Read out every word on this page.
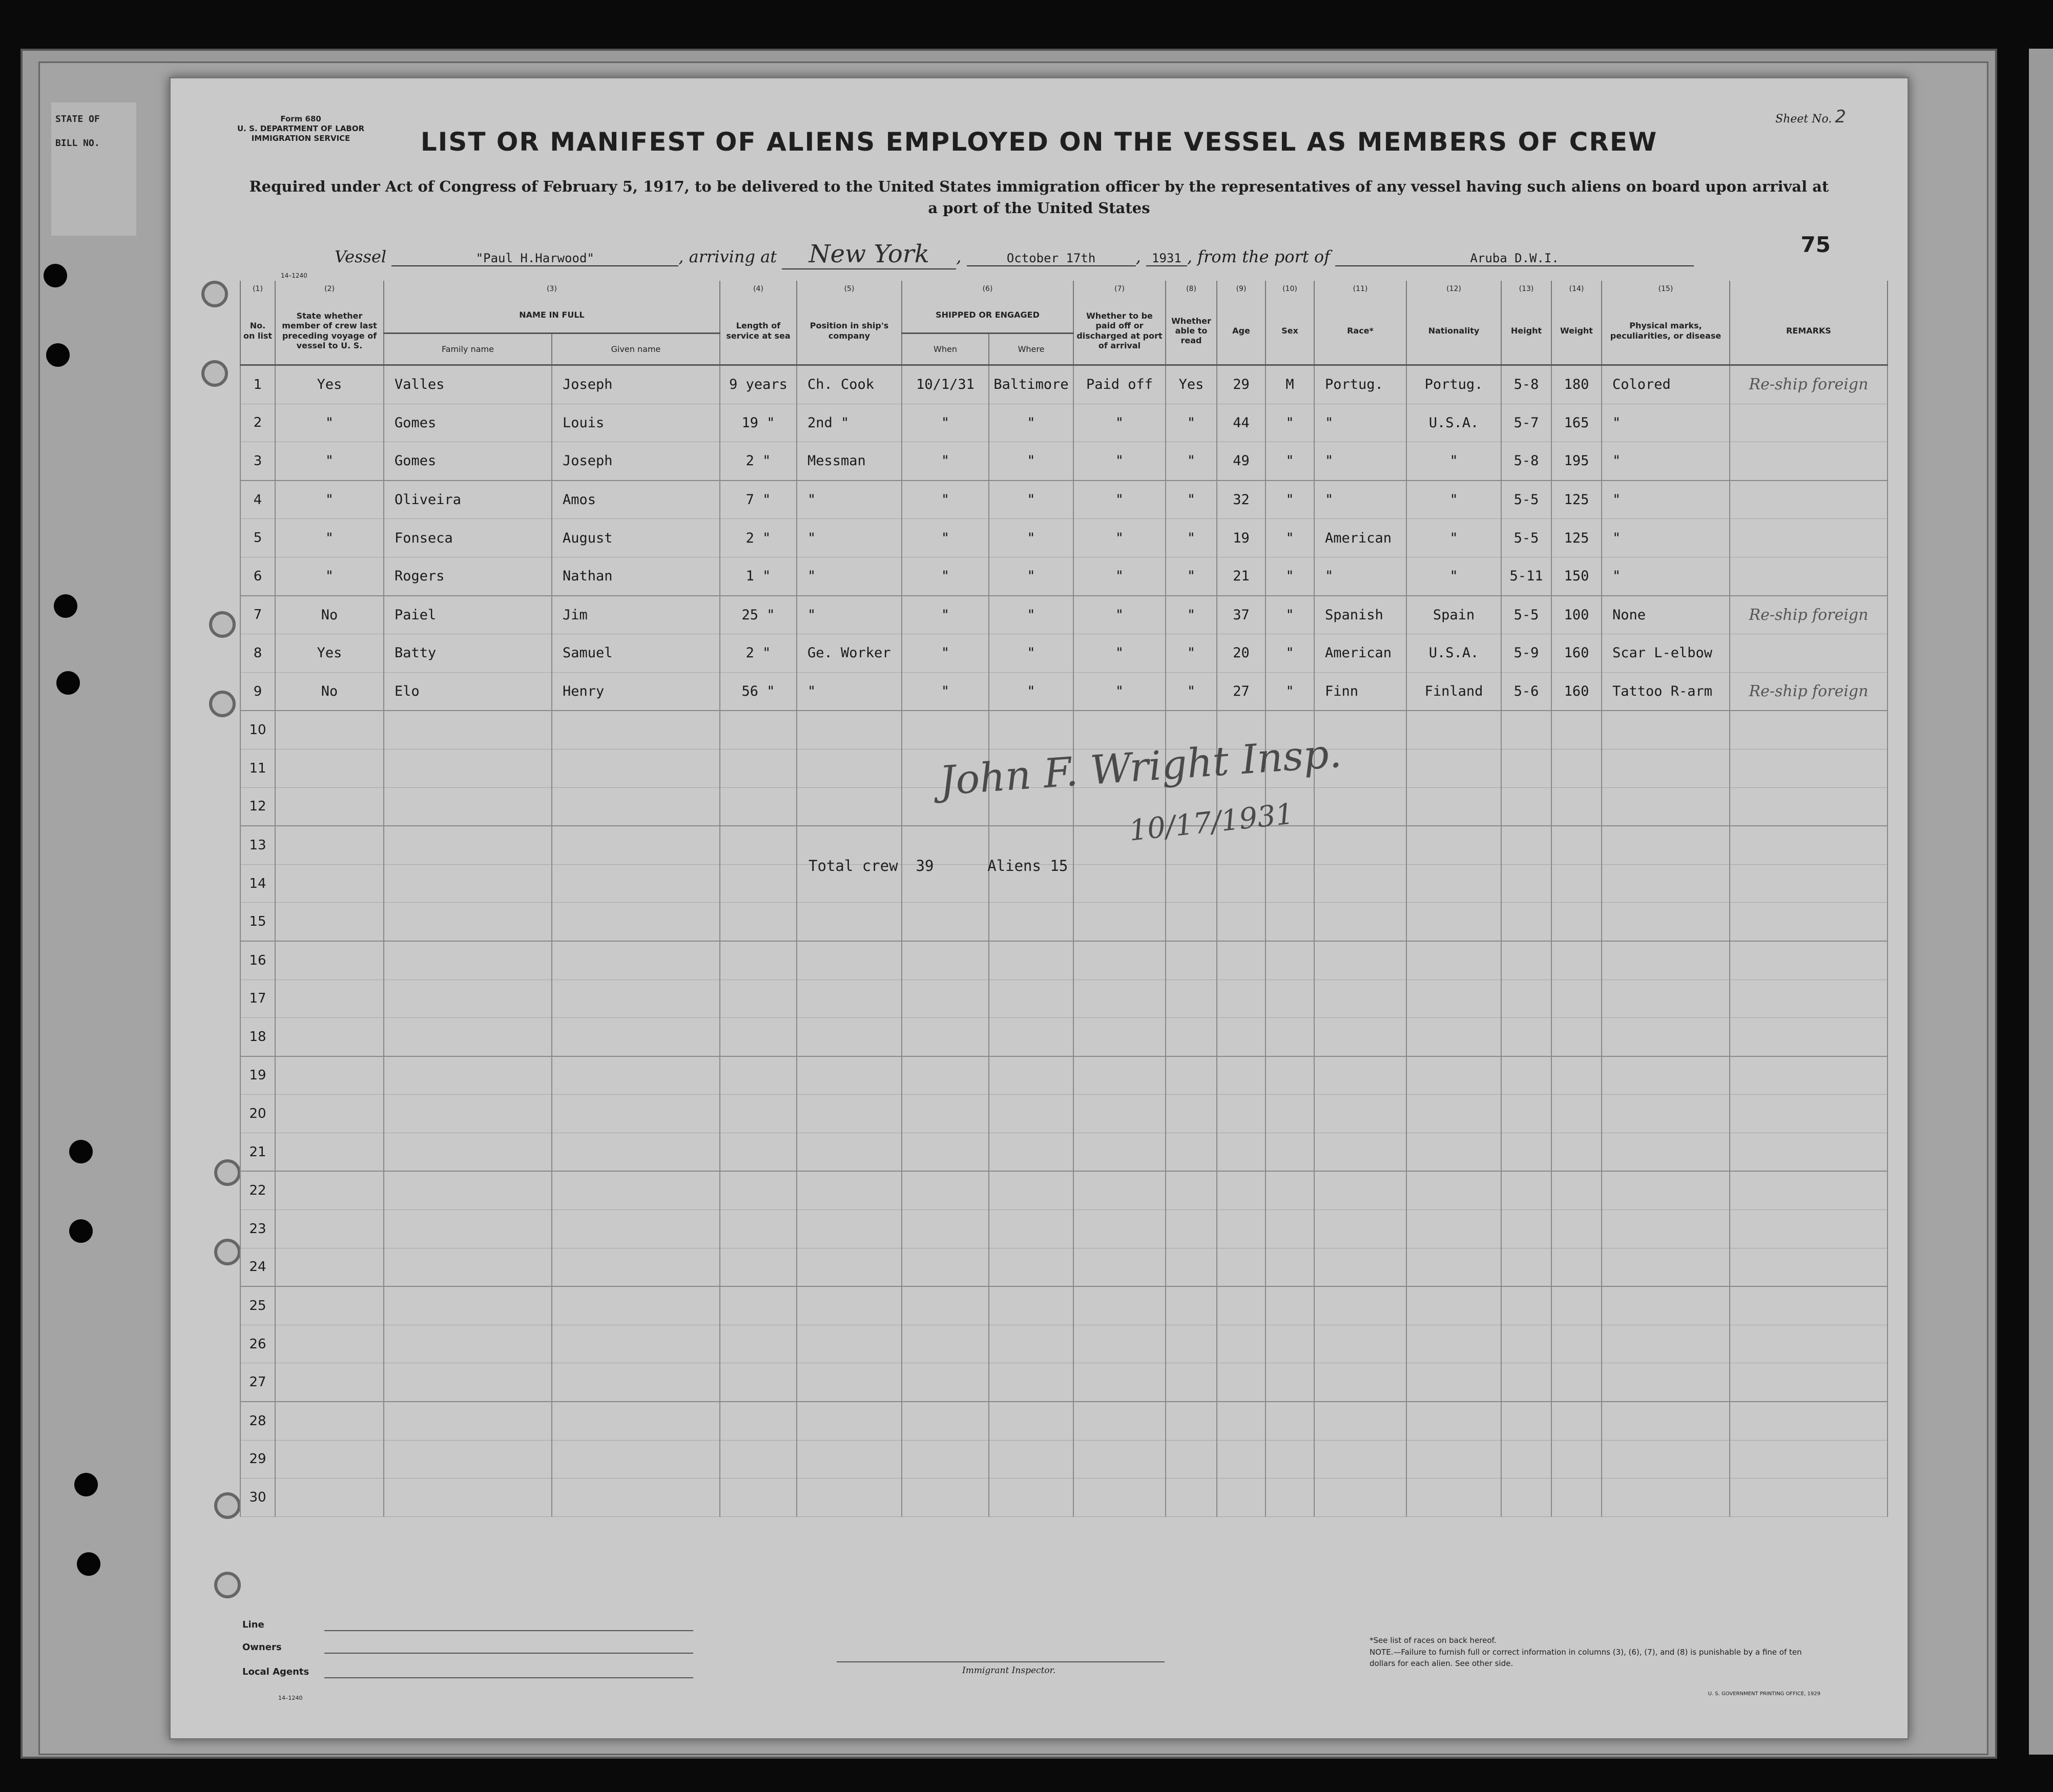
STATE OF
BILL NO.
Form 680
U. S. DEPARTMENT OF LABOR
IMMIGRATION SERVICE
Sheet No. 2
LIST OR MANIFEST OF ALIENS EMPLOYED ON THE VESSEL AS MEMBERS OF CREW
Required under Act of Congress of February 5, 1917, to be delivered to the United States immigration officer by the representatives of any vessel having such aliens on board upon arrival at a port of the United States
Vessel	"Paul H.Harwood"	, arriving at New York ,	October 17th , 1931 , from the port of	Aruba D.W.I.
75
14–1240
(1)	(2)	(3)		(4)	(5)	(6)		(7)	(8)	(9)	(10)	(11)	(12)	(13)	(14)	(15)	
No. on list	State whether member of crew last preceding voyage of vessel to U. S.	NAME IN FULL		Length of service at sea	Position in ship's company	SHIPPED OR ENGAGED		Whether to be paid off or discharged at port of arrival	Whether able to read	Age	Sex	Race*	Nationality	Height	Weight	Physical marks, peculiarities, or disease	REMARKS
		Family name	Given name			When	Where										
1	Yes	Valles	Joseph	9 years	Ch. Cook	10/1/31	Baltimore	Paid off	Yes	29	M	Portug.	Portug.	5-8	180	Colored	Re-ship foreign
2	"	Gomes	Louis	19 "	2nd "	"	"	"	"	44	"	"	U.S.A.	5-7	165	"	
3	"	Gomes	Joseph	2 "	Messman	"	"	"	"	49	"	"	"	5-8	195	"	
4	"	Oliveira	Amos	7 "	"	"	"	"	"	32	"	"	"	5-5	125	"	
5	"	Fonseca	August	2 "	"	"	"	"	"	19	"	American	"	5-5	125	"	
6	"	Rogers	Nathan	1 "	"	"	"	"	"	21	"	"	"	5-11	150	"	
7	No	Paiel	Jim	25 "	"	"	"	"	"	37	"	Spanish	Spain	5-5	100	None	Re-ship foreign
8	Yes	Batty	Samuel	2 "	Ge. Worker	"	"	"	"	20	"	American	U.S.A.	5-9	160	Scar L-elbow	
9	No	Elo	Henry	56 "	"	"	"	"	"	27	"	Finn	Finland	5-6	160	Tattoo R-arm	Re-ship foreign
10																	
11																	
12																	
13																	
14																	
15																	
16																	
17																	
18																	
19																	
20																	
21																	
22																	
23																	
24																	
25																	
26																	
27																	
28																	
29																	
30																	
Total crew  39      Aliens 15
John F. Wright Insp.
10/17/1931
Line
Owners
Local Agents
14–1240
Immigrant Inspector.
*See list of races on back hereof.
NOTE.—Failure to furnish full or correct information in columns (3), (6), (7), and (8) is punishable by a fine of ten dollars for each alien. See other side.
U. S. GOVERNMENT PRINTING OFFICE, 1929
